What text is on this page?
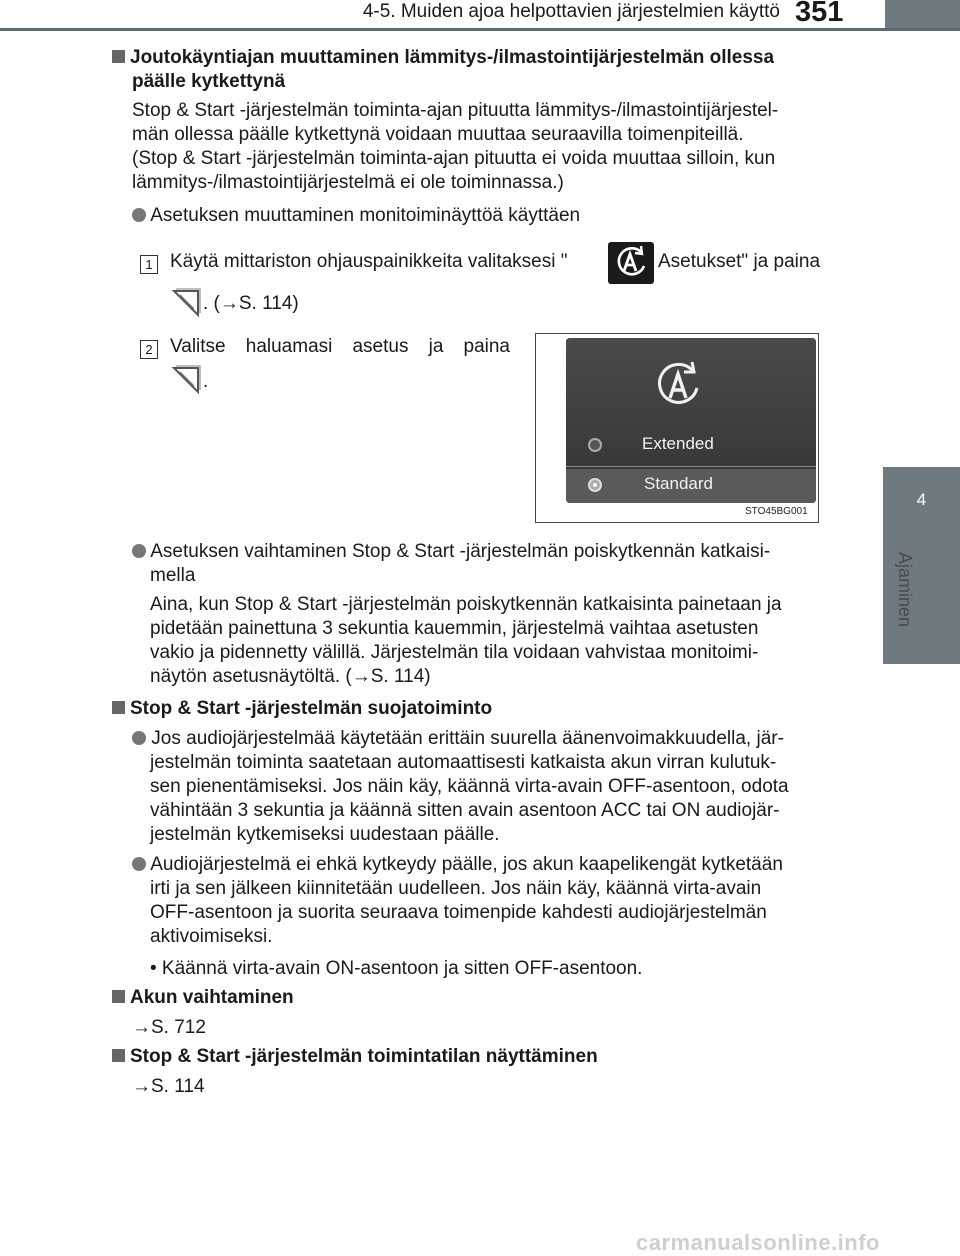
4-5. Muiden ajoa helpottavien järjestelmien käyttö 351
4
Ajaminen

Joutokäyntiajan muuttaminen lämmitys-/ilmastointijärjestelmän ollessa

päälle kytkettynä

Stop & Start -järjestelmän toiminta-ajan pituutta lämmitys-/ilmastointijärjestel-

män ollessa päälle kytkettynä voidaan muuttaa seuraavilla toimenpiteillä.

(Stop & Start -järjestelmän toiminta-ajan pituutta ei voida muuttaa silloin, kun

lämmitys-/ilmastointijärjestelmä ei ole toiminnassa.)

Asetuksen muuttaminen monitoiminäyttöä käyttäen
1 Käytä mittariston ohjauspainikkeita valitaksesi "	Asetukset" ja paina
. (→S. 114)
2 Valitse haluamasi asetus ja paina
.
Extended
Standard
STO45BG001

Asetuksen vaihtaminen Stop & Start -järjestelmän poiskytkennän katkaisi-

mella

Aina, kun Stop & Start -järjestelmän poiskytkennän katkaisinta painetaan ja

pidetään painettuna 3 sekuntia kauemmin, järjestelmä vaihtaa asetusten

vakio ja pidennetty välillä. Järjestelmän tila voidaan vahvistaa monitoimi-

näytön asetusnäytöltä. (→S. 114)

Stop & Start -järjestelmän suojatoiminto

Jos audiojärjestelmää käytetään erittäin suurella äänenvoimakkuudella, jär-

jestelmän toiminta saatetaan automaattisesti katkaista akun virran kulutuk-

sen pienentämiseksi. Jos näin käy, käännä virta-avain OFF-asentoon, odota

vähintään 3 sekuntia ja käännä sitten avain asentoon ACC tai ON audiojär-

jestelmän kytkemiseksi uudestaan päälle.

Audiojärjestelmä ei ehkä kytkeydy päälle, jos akun kaapelikengät kytketään

irti ja sen jälkeen kiinnitetään uudelleen. Jos näin käy, käännä virta-avain

OFF-asentoon ja suorita seuraava toimenpide kahdesti audiojärjestelmän

aktivoimiseksi.

• Käännä virta-avain ON-asentoon ja sitten OFF-asentoon.
Akun vaihtaminen
→S. 712
Stop & Start -järjestelmän toimintatilan näyttäminen
→S. 114
carmanualsonline.info
